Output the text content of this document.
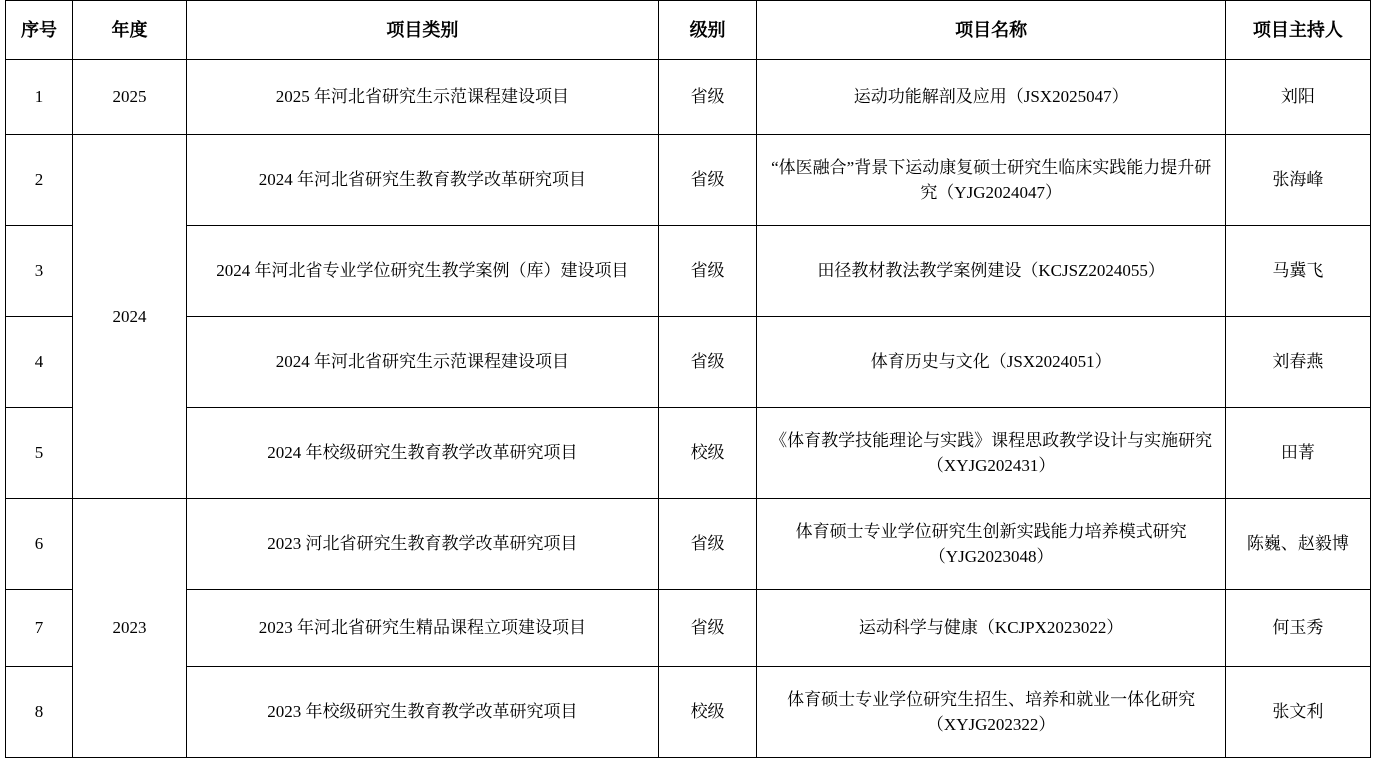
序号	年度	项目类别	级别	项目名称	项目主持人
1	2025	2025 年河北省研究生示范课程建设项目	省级	运动功能解剖及应用（JSX2025047）	刘阳
2	2024	2024 年河北省研究生教育教学改革研究项目	省级	“体医融合”背景下运动康复硕士研究生临床实践能力提升研究（YJG2024047）	张海峰
3		2024 年河北省专业学位研究生教学案例（库）建设项目	省级	田径教材教法教学案例建设（KCJSZ2024055）	马冀飞
4		2024 年河北省研究生示范课程建设项目	省级	体育历史与文化（JSX2024051）	刘春燕
5		2024 年校级研究生教育教学改革研究项目	校级	《体育教学技能理论与实践》课程思政教学设计与实施研究（XYJG202431）	田菁
6	2023	2023 河北省研究生教育教学改革研究项目	省级	体育硕士专业学位研究生创新实践能力培养模式研究（YJG2023048）	陈巍、赵毅博
7		2023 年河北省研究生精品课程立项建设项目	省级	运动科学与健康（KCJPX2023022）	何玉秀
8		2023 年校级研究生教育教学改革研究项目	校级	体育硕士专业学位研究生招生、培养和就业一体化研究（XYJG202322）	张文利
